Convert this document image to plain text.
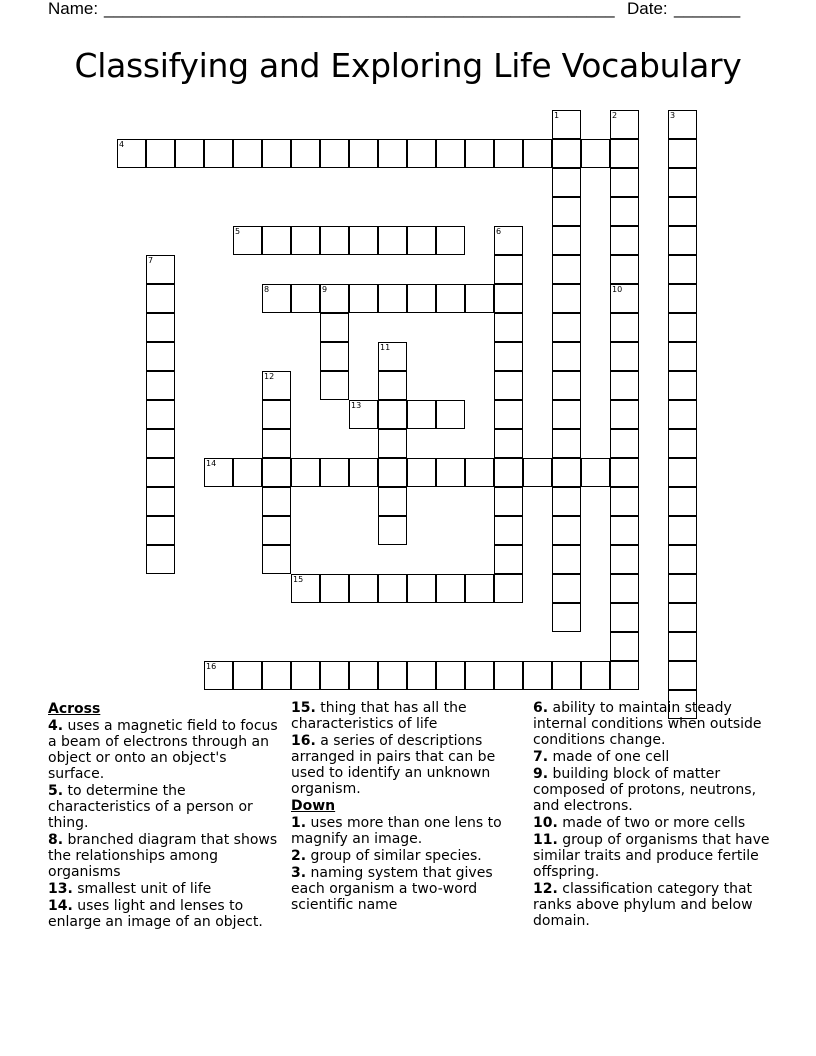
Name: ______________________________________________________ Date: _______
Classifying and Exploring Life Vocabulary
1	2	3
4
5	6
7
8	9	10
11
12
13
14
15
16
Across
4. uses a magnetic field to focus a beam of electrons through an object or onto an object's surface.
5. to determine the characteristics of a person or thing.
8. branched diagram that shows the relationships among organisms
13. smallest unit of life
14. uses light and lenses to enlarge an image of an object.
15. thing that has all the characteristics of life
16. a series of descriptions arranged in pairs that can be used to identify an unknown organism.
Down
1. uses more than one lens to magnify an image.
2. group of similar species.
3. naming system that gives each organism a two-word scientific name
6. ability to maintain steady internal conditions when outside conditions change.
7. made of one cell
9. building block of matter composed of protons, neutrons, and electrons.
10. made of two or more cells
11. group of organisms that have similar traits and produce fertile offspring.
12. classification category that ranks above phylum and below domain.
